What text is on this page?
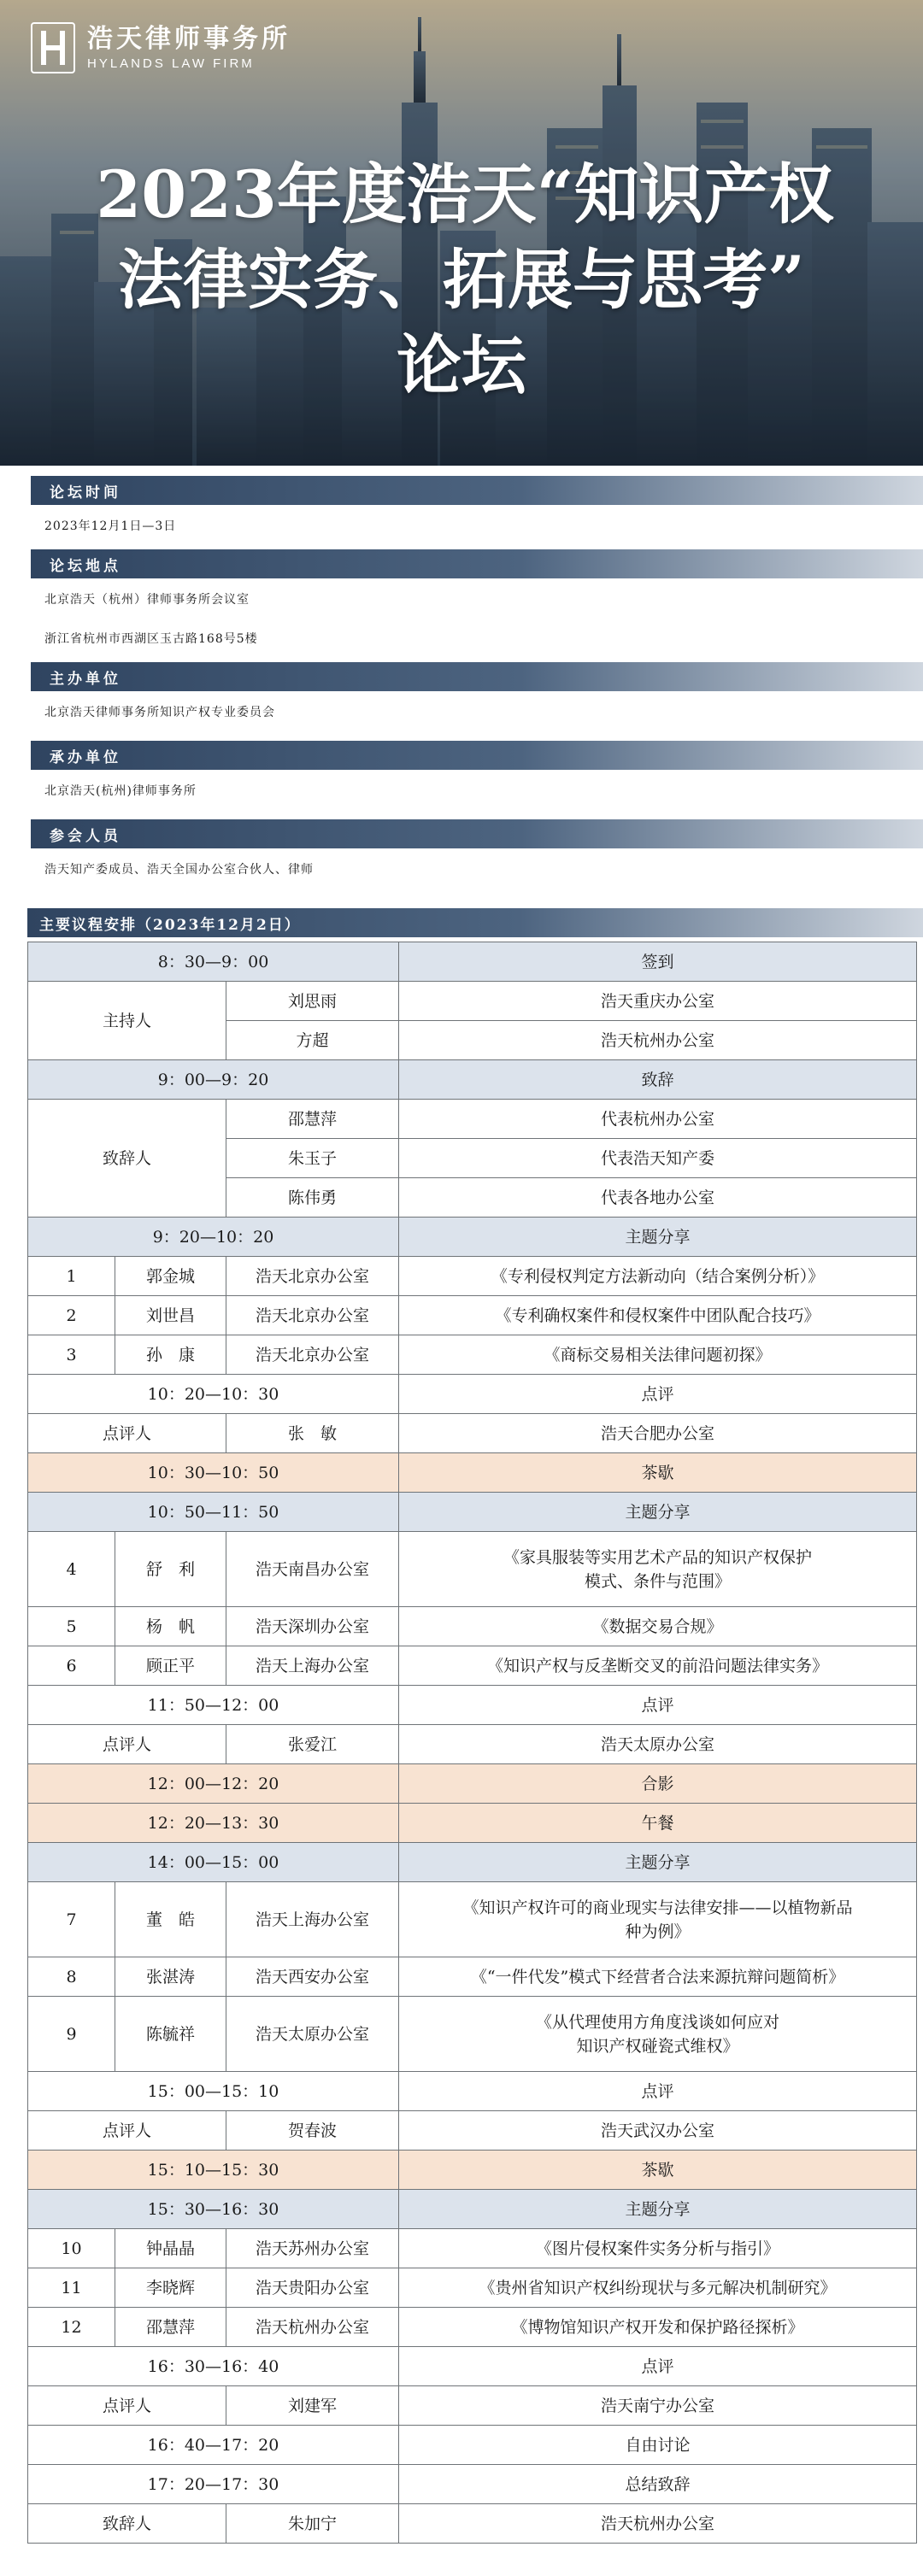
浩天律师事务所
HYLANDS LAW FIRM
2023年度浩天“知识产权
法律实务、拓展与思考”
论坛
论坛时间
2023年12月1日—3日
论坛地点
北京浩天（杭州）律师事务所会议室
浙江省杭州市西湖区玉古路168号5楼
主办单位
北京浩天律师事务所知识产权专业委员会
承办单位
北京浩天(杭州)律师事务所
参会人员
浩天知产委成员、浩天全国办公室合伙人、律师
主要议程安排（2023年12月2日）
8：30—9：00			签到
主持人		刘思雨	浩天重庆办公室
		方超	浩天杭州办公室
9：00—9：20			致辞
致辞人		邵慧萍	代表杭州办公室
		朱玉子	代表浩天知产委
		陈伟勇	代表各地办公室
9：20—10：20			主题分享
1	郭金城	浩天北京办公室	《专利侵权判定方法新动向（结合案例分析）》

2	刘世昌	浩天北京办公室	《专利确权案件和侵权案件中团队配合技巧》

3	孙　康	浩天北京办公室	《商标交易相关法律问题初探》

10：20—10：30			点评
点评人		张　敏	浩天合肥办公室
10：30—10：50			茶歇
10：50—11：50			主题分享
4	舒　利	浩天南昌办公室	《家具服装等实用艺术产品的知识产权保护
模式、条件与范围》

5	杨　帆	浩天深圳办公室	《数据交易合规》

6	顾正平	浩天上海办公室	《知识产权与反垄断交叉的前沿问题法律实务》

11：50—12：00			点评
点评人		张爱江	浩天太原办公室
12：00—12：20			合影
12：20—13：30			午餐
14：00—15：00			主题分享
7	董　皓	浩天上海办公室	《知识产权许可的商业现实与法律安排——以植物新品
种为例》

8	张湛涛	浩天西安办公室	《“一件代发”模式下经营者合法来源抗辩问题简析》

9	陈毓祥	浩天太原办公室	《从代理使用方角度浅谈如何应对
知识产权碰瓷式维权》

15：00—15：10			点评
点评人		贺春波	浩天武汉办公室
15：10—15：30			茶歇
15：30—16：30			主题分享
10	钟晶晶	浩天苏州办公室	《图片侵权案件实务分析与指引》

11	李晓辉	浩天贵阳办公室	《贵州省知识产权纠纷现状与多元解决机制研究》

12	邵慧萍	浩天杭州办公室	《博物馆知识产权开发和保护路径探析》

16：30—16：40			点评
点评人		刘建军	浩天南宁办公室
16：40—17：20			自由讨论
17：20—17：30			总结致辞
致辞人		朱加宁	浩天杭州办公室
